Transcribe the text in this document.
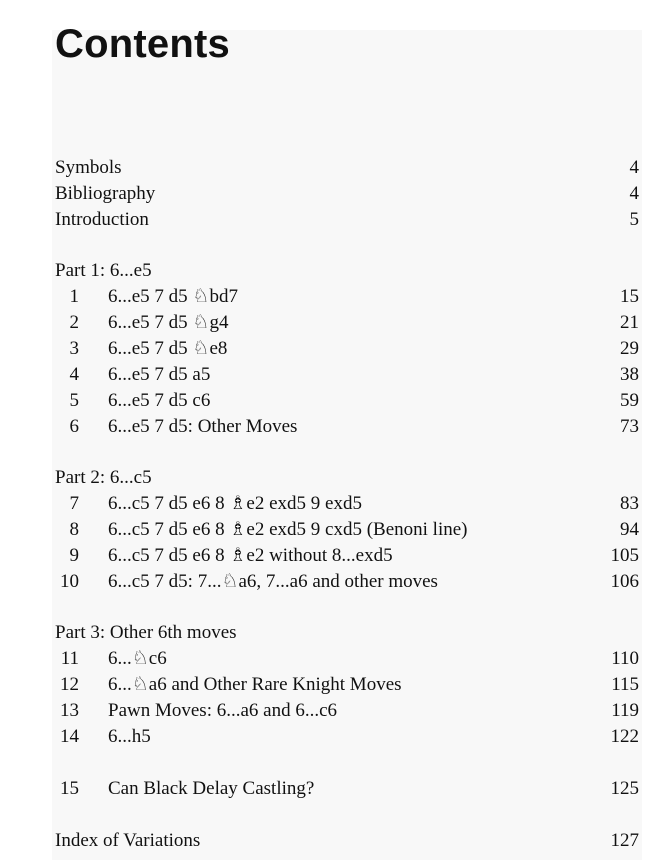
Contents
Symbols	4
Bibliography	4
Introduction	5
Part 1: 6...e5
1 6...e5 7 d5 ♘bd7	15
2 6...e5 7 d5 ♘g4	21
3 6...e5 7 d5 ♘e8	29
4 6...e5 7 d5 a5	38
5 6...e5 7 d5 c6	59
6 6...e5 7 d5: Other Moves	73
Part 2: 6...c5
7 6...c5 7 d5 e6 8 ♗e2 exd5 9 exd5	83
8 6...c5 7 d5 e6 8 ♗e2 exd5 9 cxd5 (Benoni line)	94
9 6...c5 7 d5 e6 8 ♗e2 without 8...exd5	105
10 6...c5 7 d5: 7...♘a6, 7...a6 and other moves	106
Part 3: Other 6th moves
11 6...♘c6	110
12 6...♘a6 and Other Rare Knight Moves	115
13 Pawn Moves: 6...a6 and 6...c6	119
14 6...h5	122
15 Can Black Delay Castling?	125
Index of Variations	127
